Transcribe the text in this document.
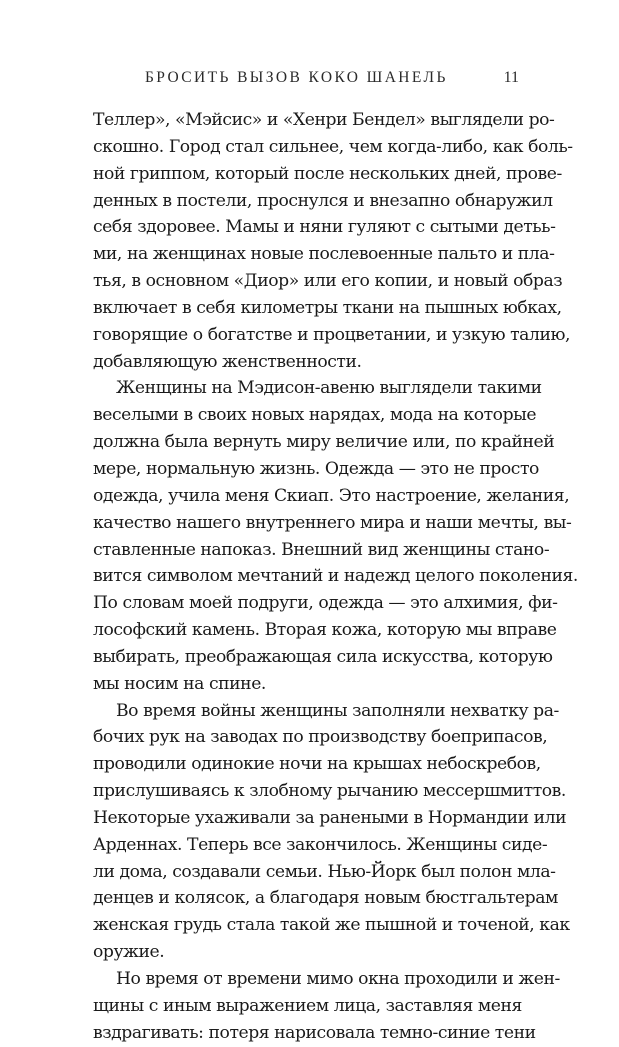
БРОСИТЬ ВЫЗОВ КОКО ШАНЕЛЬ	11
Теллер», «Мэйсис» и «Хенри Бендел» выглядели ро-
скошно. Город стал сильнее, чем когда-либо, как боль-
ной гриппом, который после нескольких дней, прове-
денных в постели, проснулся и внезапно обнаружил
себя здоровее. Мамы и няни гуляют с сытыми детьь-
ми, на женщинах новые послевоенные пальто и пла-
тья, в основном «Диор» или его копии, и новый образ
включает в себя километры ткани на пышных юбках,
говорящие о богатстве и процветании, и узкую талию,
добавляющую женственности.
Женщины на Мэдисон-авеню выглядели такими
веселыми в своих новых нарядах, мода на которые
должна была вернуть миру величие или, по крайней
мере, нормальную жизнь. Одежда — это не просто
одежда, учила меня Скиап. Это настроение, желания,
качество нашего внутреннего мира и наши мечты, вы-
ставленные напоказ. Внешний вид женщины стано-
вится символом мечтаний и надежд целого поколения.
По словам моей подруги, одежда — это алхимия, фи-
лософский камень. Вторая кожа, которую мы вправе
выбирать, преображающая сила искусства, которую
мы носим на спине.
Во время войны женщины заполняли нехватку ра-
бочих рук на заводах по производству боеприпасов,
проводили одинокие ночи на крышах небоскребов,
прислушиваясь к злобному рычанию мессершмиттов.
Некоторые ухаживали за ранеными в Нормандии или
Арденнах. Теперь все закончилось. Женщины сиде-
ли дома, создавали семьи. Нью-Йорк был полон мла-
денцев и колясок, а благодаря новым бюстгальтерам
женская грудь стала такой же пышной и точеной, как
оружие.
Но время от времени мимо окна проходили и жен-
щины с иным выражением лица, заставляя меня
вздрагивать: потеря нарисовала темно-синие тени
